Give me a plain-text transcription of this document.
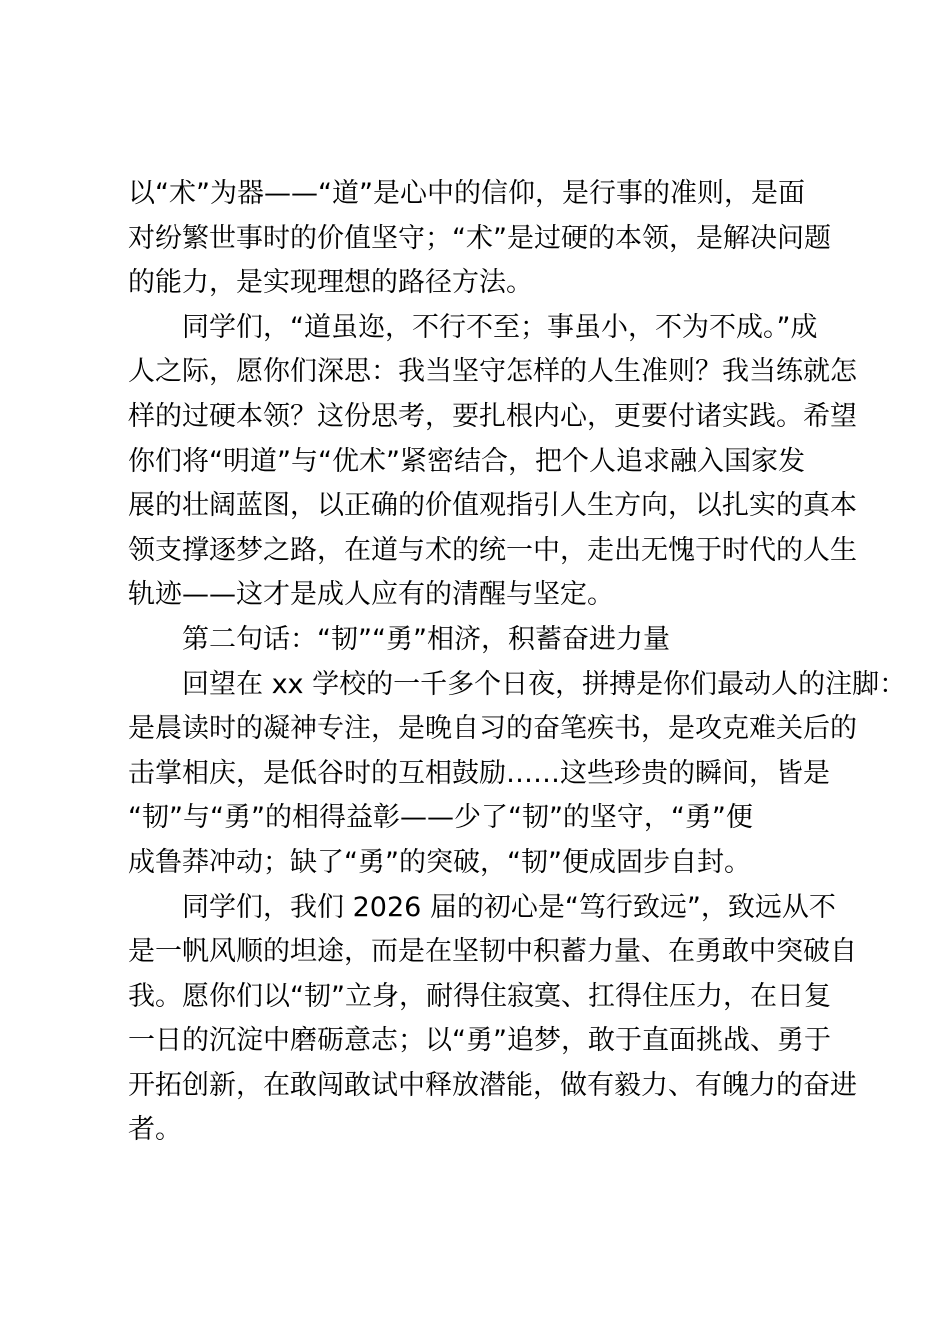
以“术”为器——“道”是心中的信仰，是行事的准则，是面
对纷繁世事时的价值坚守；“术”是过硬的本领，是解决问题
的能力，是实现理想的路径方法。
　　同学们，“道虽迩，不行不至；事虽小，不为不成。”成
人之际，愿你们深思：我当坚守怎样的人生准则？我当练就怎
样的过硬本领？这份思考，要扎根内心，更要付诸实践。希望
你们将“明道”与“优术”紧密结合，把个人追求融入国家发
展的壮阔蓝图，以正确的价值观指引人生方向，以扎实的真本
领支撑逐梦之路，在道与术的统一中，走出无愧于时代的人生
轨迹——这才是成人应有的清醒与坚定。
　　第二句话：“韧”“勇”相济，积蓄奋进力量
　　回望在 xx 学校的一千多个日夜，拼搏是你们最动人的注脚：
是晨读时的凝神专注，是晚自习的奋笔疾书，是攻克难关后的
击掌相庆，是低谷时的互相鼓励……这些珍贵的瞬间，皆是
“韧”与“勇”的相得益彰——少了“韧”的坚守，“勇”便
成鲁莽冲动；缺了“勇”的突破，“韧”便成固步自封。
　　同学们，我们 2026 届的初心是“笃行致远”，致远从不
是一帆风顺的坦途，而是在坚韧中积蓄力量、在勇敢中突破自
我。愿你们以“韧”立身，耐得住寂寞、扛得住压力，在日复
一日的沉淀中磨砺意志；以“勇”追梦，敢于直面挑战、勇于
开拓创新，在敢闯敢试中释放潜能，做有毅力、有魄力的奋进
者。
